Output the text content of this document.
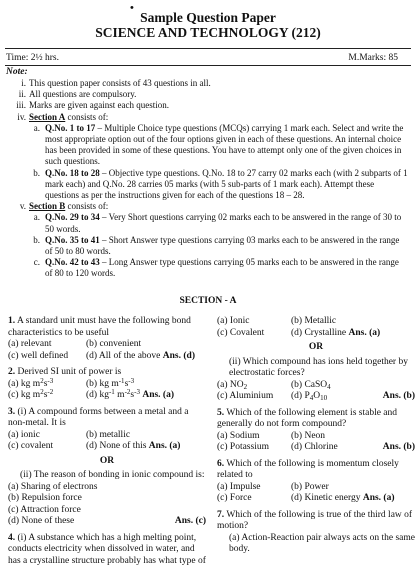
•
Sample Question Paper
SCIENCE AND TECHNOLOGY (212)
Time: 2½ hrs.	M.Marks: 85
Note:
i. This question paper consists of 43 questions in all.
ii. All questions are compulsory.
iii. Marks are given against each question.
iv. Section A consists of:
a. Q.No. 1 to 17 – Multiple Choice type questions (MCQs) carrying 1 mark each. Select and write the most appropriate option out of the four options given in each of these questions. An internal choice has been provided in some of these questions. You have to attempt only one of the given choices in such questions.
b. Q.No. 18 to 28 – Objective type questions. Q.No. 18 to 27 carry 02 marks each (with 2 subparts of 1 mark each) and Q.No. 28 carries 05 marks (with 5 sub-parts of 1 mark each). Attempt these questions as per the instructions given for each of the questions 18 – 28.
v. Section B consists of:
a. Q.No. 29 to 34 – Very Short questions carrying 02 marks each to be answered in the range of 30 to 50 words.
b. Q.No. 35 to 41 – Short Answer type questions carrying 03 marks each to be answered in the range of 50 to 80 words.
c. Q.No. 42 to 43 – Long Answer type questions carrying 05 marks each to be answered in the range of 80 to 120 words.
SECTION - A
1. A standard unit must have the following bond characteristics to be useful
(a) relevant	(b) convenient
(c) well defined	(d) All of the above Ans. (d)
2. Derived SI unit of power is
(a) kg $m^2s^{-3}$	(b) kg $m^{-1}s^{-3}$
(c) kg $m^2s^{-2}$	(d) $kg^{-1}$ $m^{-2}s^{-3}$ Ans. (a)
3. (i) A compound forms between a metal and a non-metal. It is
(a) ionic	(b) metallic
(c) covalent	(d) None of this Ans. (a)
OR
(ii) The reason of bonding in ionic compound is:
(a) Sharing of electrons
(b) Repulsion force
(c) Attraction force
(d) None of these	Ans. (c)
4. (i) A substance which has a high melting point, conducts electricity when dissolved in water, and has a crystalline structure probably has what type of
(a) Ionic	(b) Metallic
(c) Covalent	(d) Crystalline Ans. (a)
OR
(ii) Which compound has ions held together by electrostatic forces?
(a) $NO_2$	(b) CaSO$_4$
(c) Aluminium	(d) $P_4O_{10}$	Ans. (b)
5. Which of the following element is stable and generally do not form compound?
(a) Sodium	(b) Neon
(c) Potassium	(d) Chlorine	Ans. (b)
6. Which of the following is momentum closely related to
(a) Impulse	(b) Power
(c) Force	(d) Kinetic energy Ans. (a)
7. Which of the following is true of the third law of motion?
(a) Action-Reaction pair always acts on the same body.
